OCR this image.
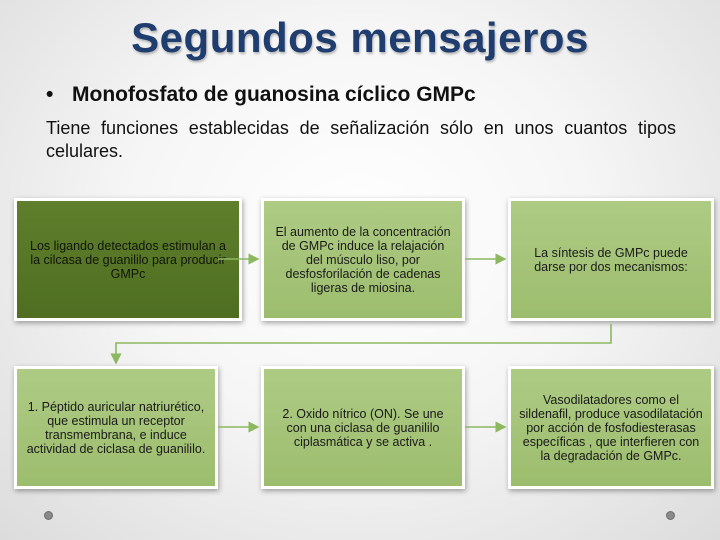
Segundos mensajeros
• Monofosfato de guanosina cíclico GMPc
Tiene funciones establecidas de señalización sólo en unos cuantos tipos celulares.
Los ligando detectados estimulan a la cilcasa de guanililo para producir GMPc
El aumento de la concentración de GMPc induce la relajación del músculo liso, por desfosforilación de cadenas ligeras de miosina.
La síntesis de GMPc puede darse por dos mecanismos:
1. Péptido auricular natriurético, que estimula un receptor transmembrana, e induce actividad de ciclasa de guanililo.
2. Oxido nítrico (ON). Se une con una ciclasa de guanililo ciplasmática y se activa .
Vasodilatadores como el sildenafil, produce vasodilatación por acción de fosfodiesterasas específicas , que interfieren con la degradación de GMPc.
